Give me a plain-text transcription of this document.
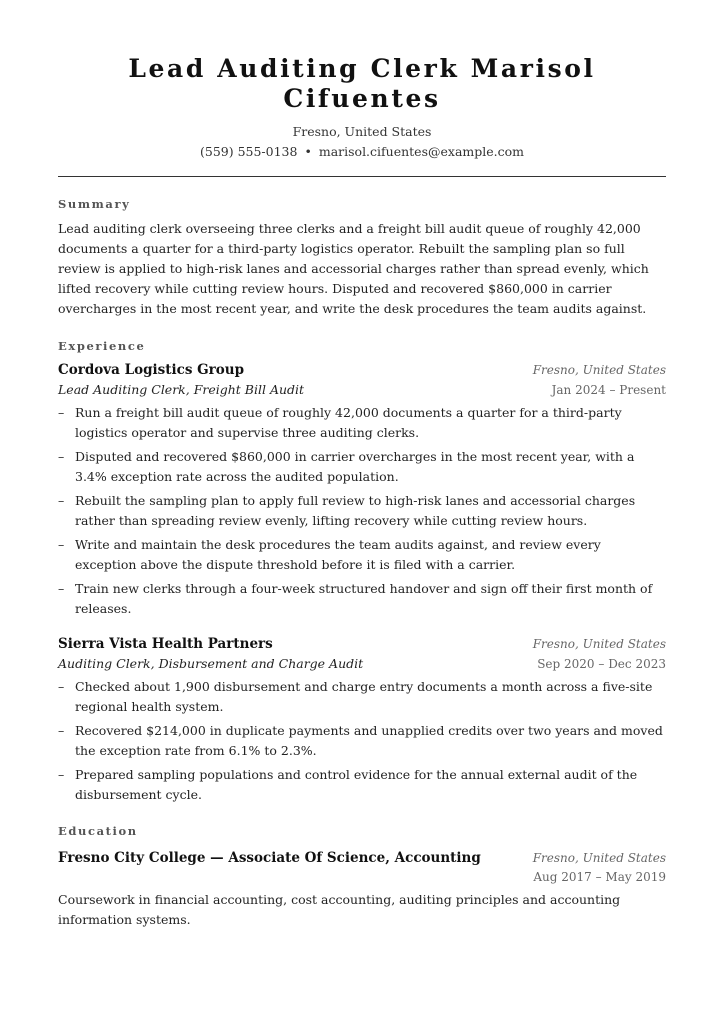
Lead Auditing Clerk Marisol Cifuentes
Fresno, United States
(559) 555-0138 • marisol.cifuentes@example.com
Summary
Lead auditing clerk overseeing three clerks and a freight bill audit queue of roughly 42,000 documents a quarter for a third-party logistics operator. Rebuilt the sampling plan so full review is applied to high-risk lanes and accessorial charges rather than spread evenly, which lifted recovery while cutting review hours. Disputed and recovered $860,000 in carrier overcharges in the most recent year, and write the desk procedures the team audits against.
Experience
Cordova Logistics Group	Fresno, United States
Lead Auditing Clerk, Freight Bill Audit	Jan 2024 – Present
– Run a freight bill audit queue of roughly 42,000 documents a quarter for a third-party logistics operator and supervise three auditing clerks.
– Disputed and recovered $860,000 in carrier overcharges in the most recent year, with a 3.4% exception rate across the audited population.
– Rebuilt the sampling plan to apply full review to high-risk lanes and accessorial charges rather than spreading review evenly, lifting recovery while cutting review hours.
– Write and maintain the desk procedures the team audits against, and review every exception above the dispute threshold before it is filed with a carrier.
– Train new clerks through a four-week structured handover and sign off their first month of releases.
Sierra Vista Health Partners	Fresno, United States
Auditing Clerk, Disbursement and Charge Audit	Sep 2020 – Dec 2023
– Checked about 1,900 disbursement and charge entry documents a month across a five-site regional health system.
– Recovered $214,000 in duplicate payments and unapplied credits over two years and moved the exception rate from 6.1% to 2.3%.
– Prepared sampling populations and control evidence for the annual external audit of the disbursement cycle.
Education
Fresno City College — Associate Of Science, Accounting	Fresno, United States
Aug 2017 – May 2019
Coursework in financial accounting, cost accounting, auditing principles and accounting information systems.
